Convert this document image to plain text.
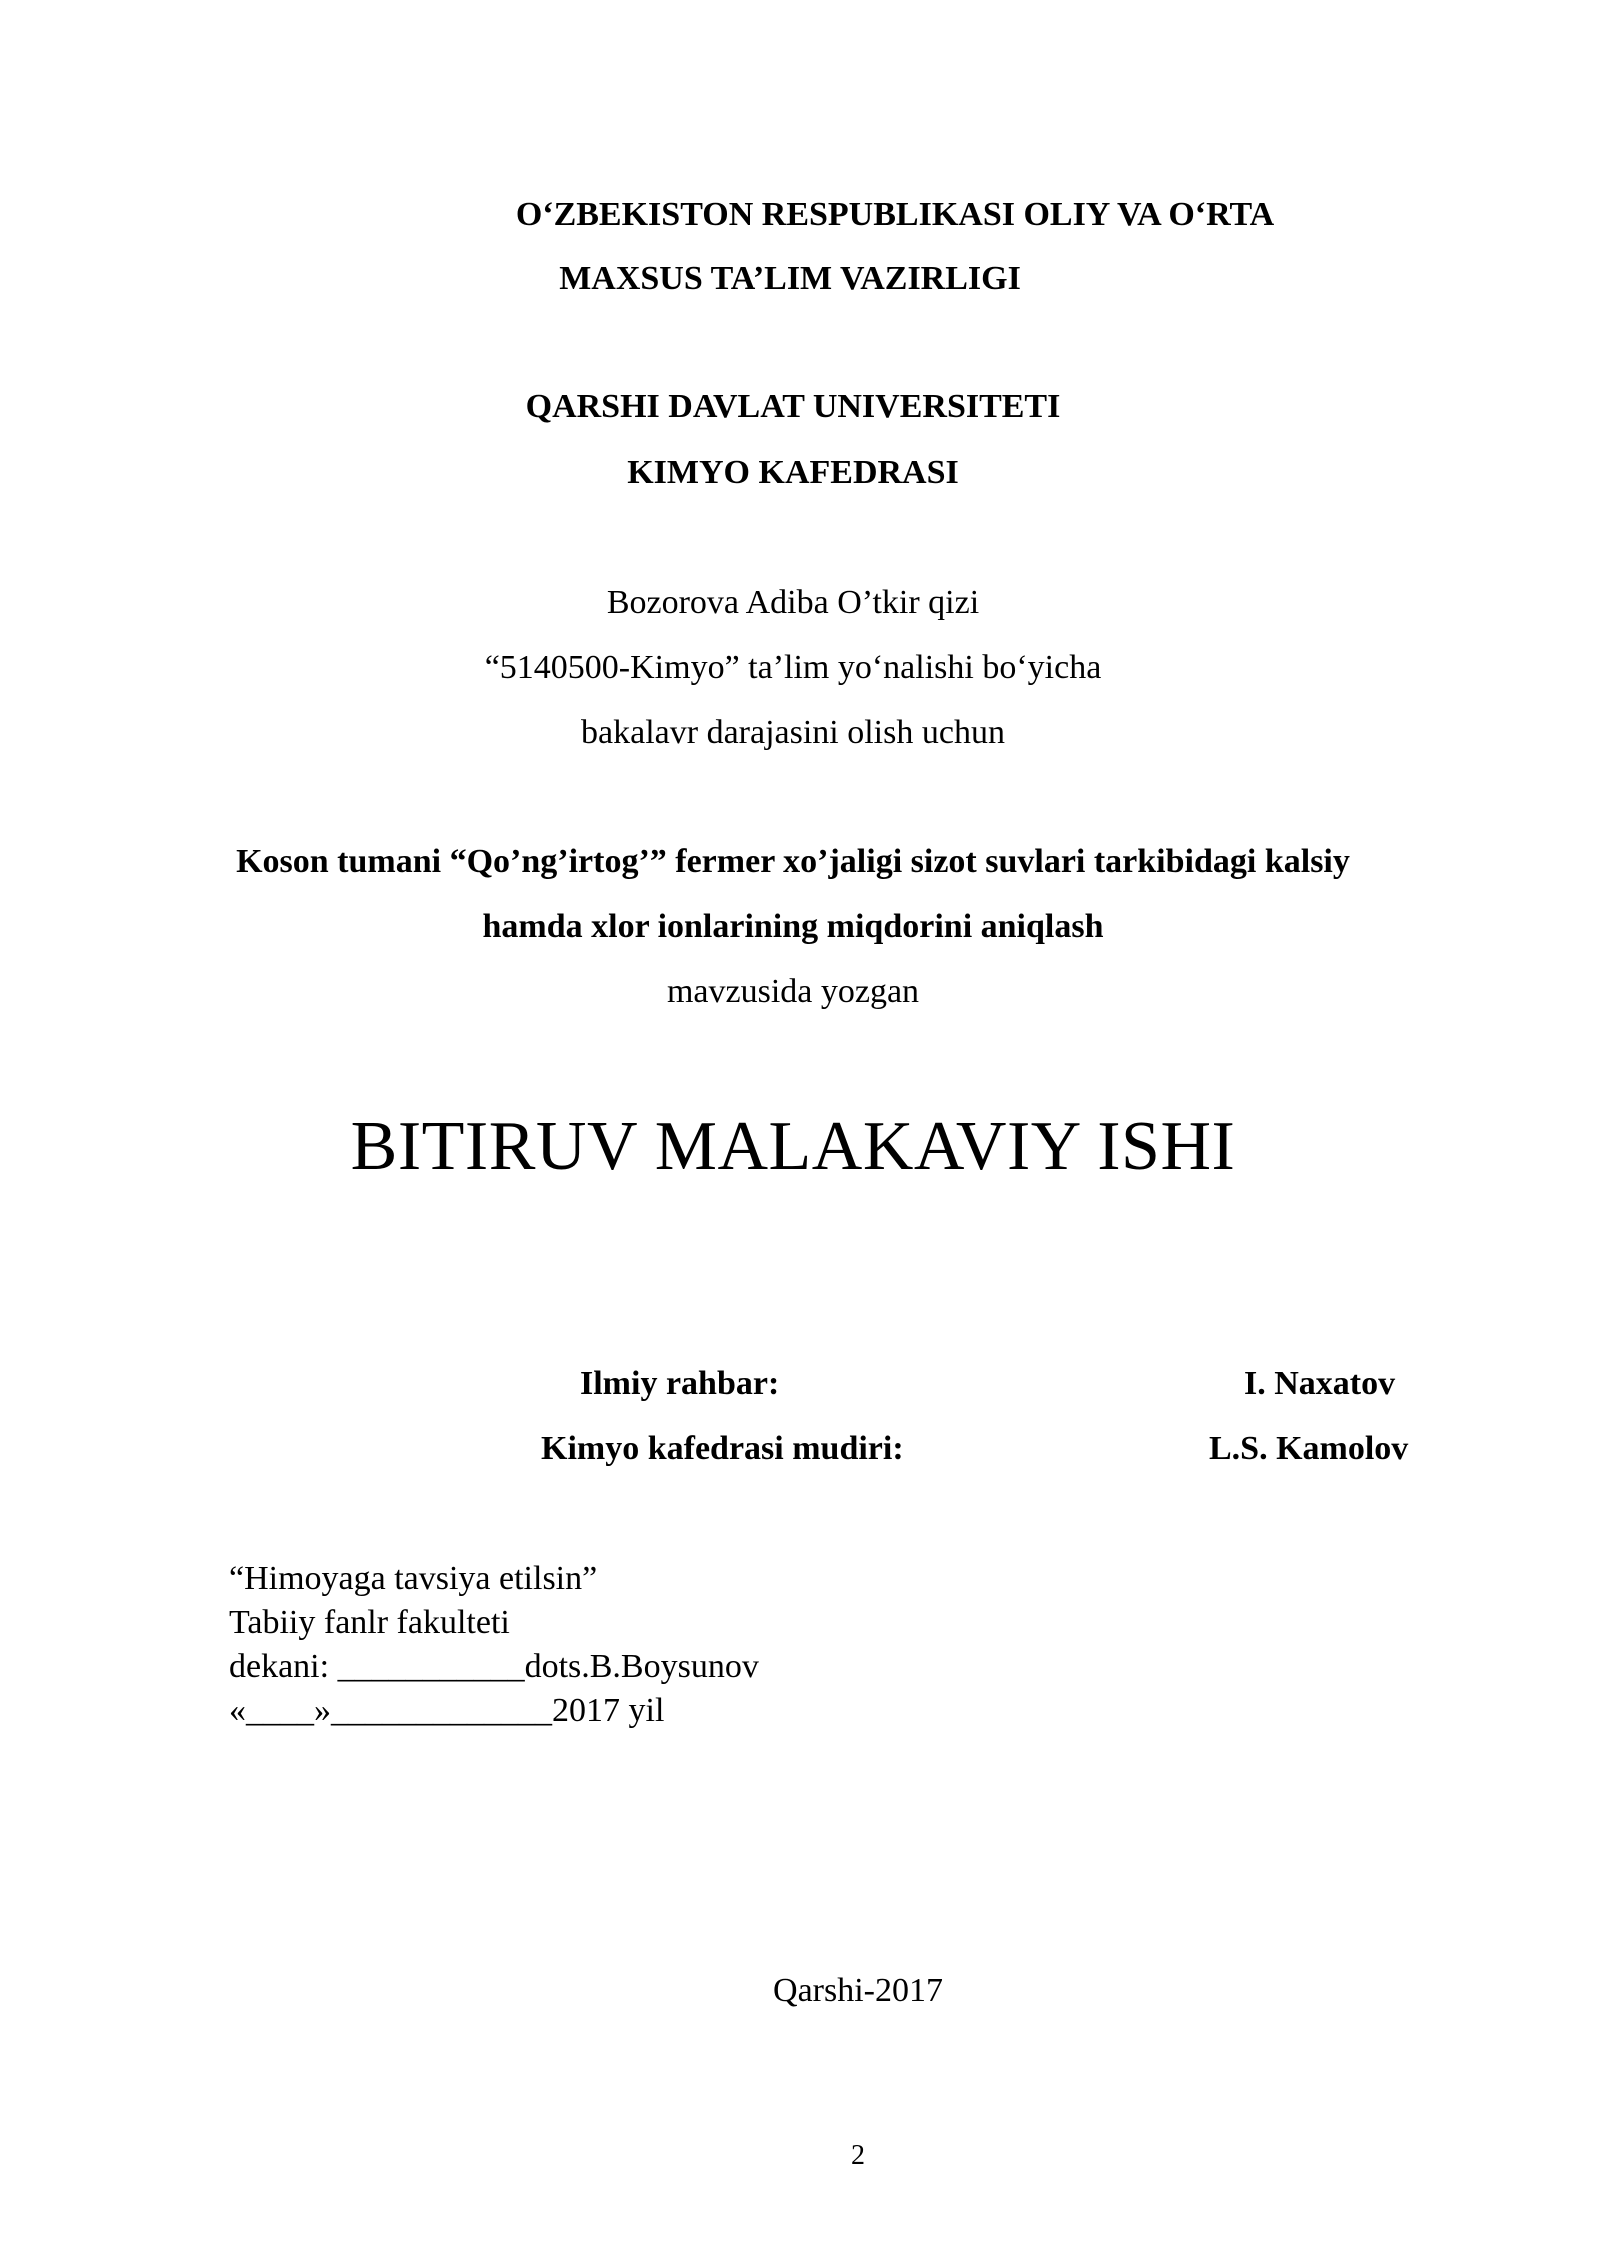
O‘ZBEKISTON RESPUBLIKASI OLIY VA O‘RTA
MAXSUS TA’LIM VAZIRLIGI
QARSHI DAVLAT UNIVERSITETI
KIMYO KAFEDRASI
Bozorova Adiba O’tkir qizi
“5140500-Kimyo” ta’lim yo‘nalishi bo‘yicha
bakalavr darajasini olish uchun
Koson tumani “Qo’ng’irtog’” fermer xo’jaligi sizot suvlari tarkibidagi kalsiy
hamda xlor ionlarining miqdorini aniqlash
mavzusida yozgan
BITIRUV MALAKAVIY ISHI
Ilmiy rahbar:	I. Naxatov
Kimyo kafedrasi mudiri:	L.S. Kamolov
“Himoyaga tavsiya etilsin”
Tabiiy fanlr fakulteti
dekani: ___________dots.B.Boysunov
«____»_____________2017 yil
Qarshi-2017
2
